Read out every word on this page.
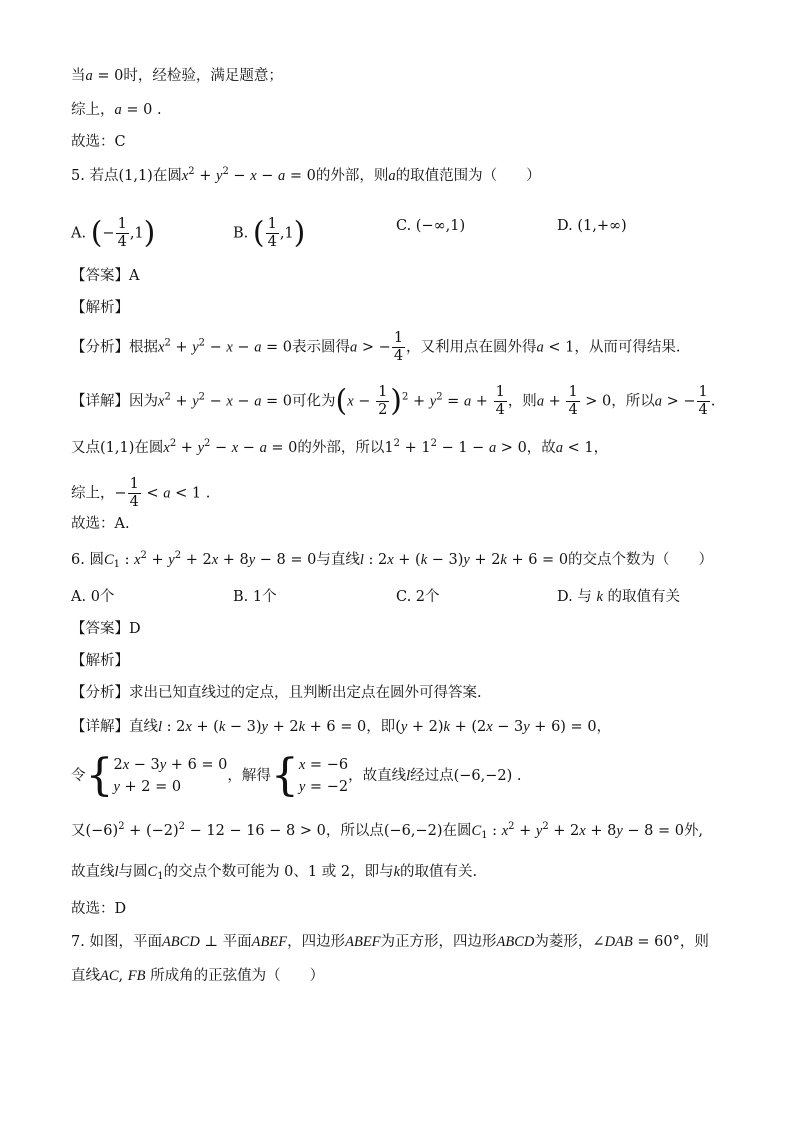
当a = 0时，经检验，满足题意；
综上，a = 0 .
故选：C
5. 若点(1,1)在圆$x^2 + y^2 - x - a = 0$的外部，则a的取值范围为（　　）
A. (− $\frac{1}{4} ,1$)	B. ( $\frac{1}{4} ,1$)	C. (−∞,1)	D. (1,+∞)
【答案】A
【解析】
【分析】根据$x^2 + y^2 - x - a = 0$表示圆得a > − $\frac{1}{4}$ ，又利用点在圆外得a < 1，从而可得结果.
【详解】因为$x^2 + y^2 - x - a = 0$可化为$(x - \frac{1}{2} )^2 + y^2 = a + \frac{1}{4}$ ，则$a + \frac{1}{4} > 0$，所以a > − $\frac{1}{4}$ .
又点(1,1)在圆$x^2 + y^2 - x - a = 0$的外部，所以$1^2 + 1^2 - 1 - a > 0$，故a < 1，
综上，− $\frac{1}{4} < a < 1$ .
故选：A.
6. 圆$C_1$ : $x^2 + y^2 + 2x + 8y - 8 = 0$与直线l : 2x + (k − 3)y + 2k + 6 = 0的交点个数为（　　）
A. 0个	B. 1个	C. 2个	D. 与 k 的取值有关
【答案】D
【解析】
【分析】求出已知直线过的定点，且判断出定点在圆外可得答案.
【详解】直线l : 2x + (k − 3)y + 2k + 6 = 0，即(y + 2)k + (2x − 3y + 6) = 0，
令{ 2x − 3y + 6 = 0
y + 2 = 0
，解得{ x = −6
y = −2
，故直线l经过点(−6,−2) .
又$(-6)^2 + (-2)^2 - 12 - 16 - 8 > 0$，所以点(−6,−2)在圆$C_1$ : $x^2 + y^2 + 2x + 8y - 8 = 0$外,
故直线l与圆$C_1$的交点个数可能为 0、1 或 2，即与k的取值有关.
故选：D
7. 如图，平面ABCD ⊥ 平面ABEF，四边形ABEF为正方形，四边形ABCD为菱形，∠DAB = 60°，则
直线AC, FB 所成角的正弦值为（　　）
